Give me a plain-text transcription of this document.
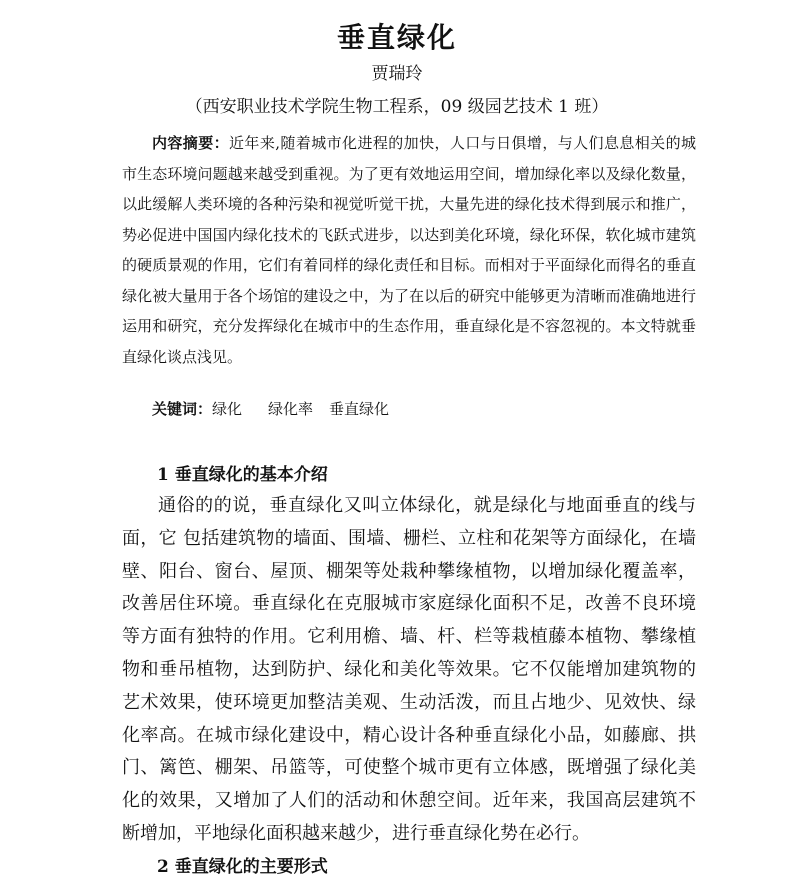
垂直绿化
贾瑞玲
（西安职业技术学院生物工程系，09 级园艺技术 1 班）

内容摘要：近年来,随着城市化进程的加快，人口与日俱增，与人们息息相关的城市生态环境问题越来越受到重视。为了更有效地运用空间，增加绿化率以及绿化数量，以此缓解人类环境的各种污染和视觉听觉干扰，大量先进的绿化技术得到展示和推广，势必促进中国国内绿化技术的飞跃式进步，以达到美化环境，绿化环保，软化城市建筑的硬质景观的作用，它们有着同样的绿化责任和目标。而相对于平面绿化而得名的垂直绿化被大量用于各个场馆的建设之中，为了在以后的研究中能够更为清晰而准确地进行运用和研究，充分发挥绿化在城市中的生态作用，垂直绿化是不容忽视的。本文特就垂直绿化谈点浅见。

关键词：绿化 绿化率 垂直绿化
1 垂直绿化的基本介绍

通俗的的说，垂直绿化又叫立体绿化，就是绿化与地面垂直的线与面，它 包括建筑物的墙面、围墙、栅栏、立柱和花架等方面绿化，在墙壁、阳台、窗台、屋顶、棚架等处栽种攀缘植物，以增加绿化覆盖率，改善居住环境。垂直绿化在克服城市家庭绿化面积不足，改善不良环境等方面有独特的作用。它利用檐、墙、杆、栏等栽植藤本植物、攀缘植物和垂吊植物，达到防护、绿化和美化等效果。它不仅能增加建筑物的艺术效果，使环境更加整洁美观、生动活泼，而且占地少、见效快、绿化率高。在城市绿化建设中，精心设计各种垂直绿化小品，如藤廊、拱门、篱笆、棚架、吊篮等，可使整个城市更有立体感，既增强了绿化美化的效果，又增加了人们的活动和休憩空间。近年来，我国高层建筑不断增加，平地绿化面积越来越少，进行垂直绿化势在必行。

2 垂直绿化的主要形式
